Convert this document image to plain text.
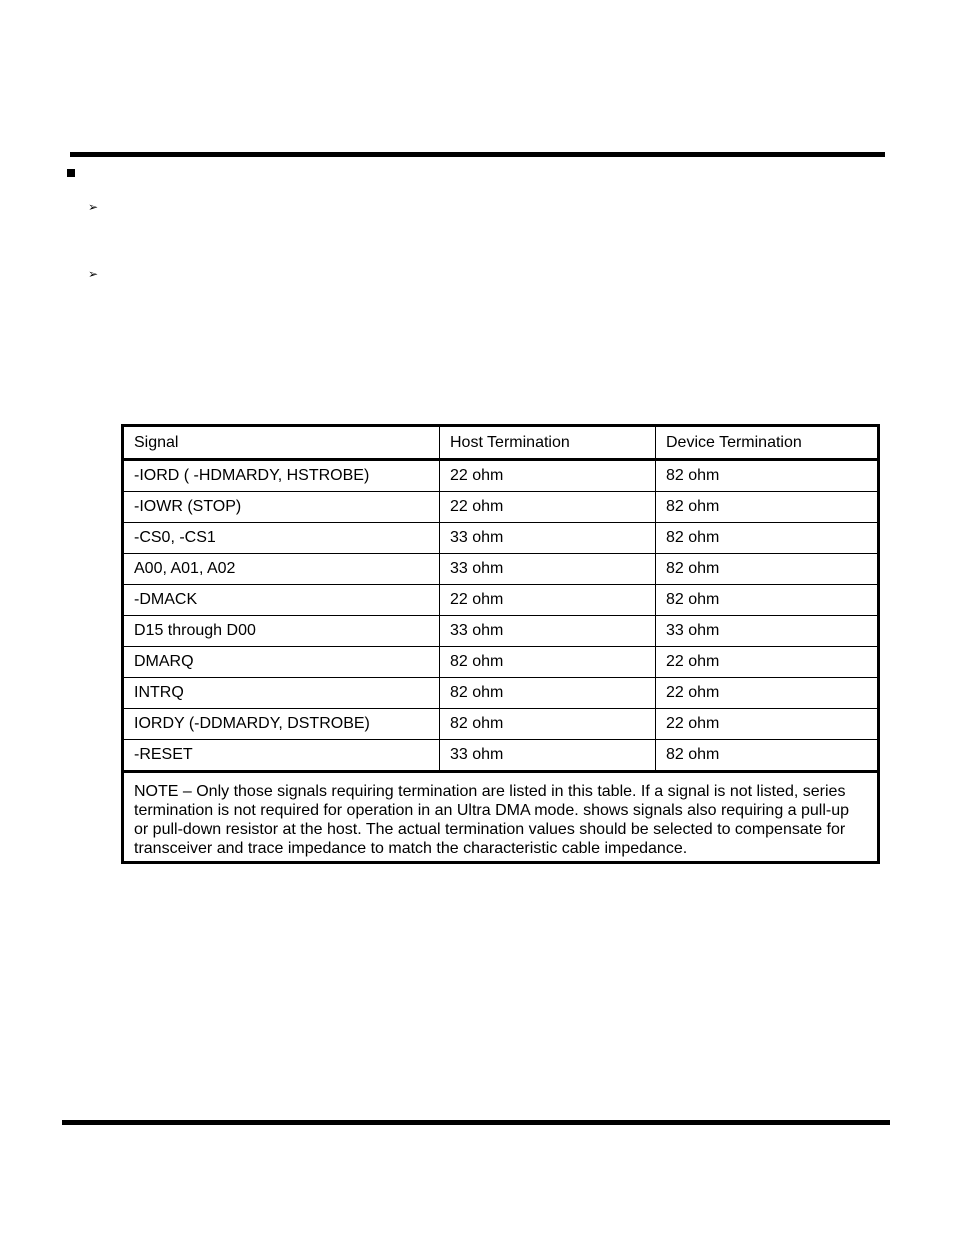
➢
➢
Signal	Host Termination	Device Termination
-IORD ( -HDMARDY, HSTROBE)	22 ohm	82 ohm
-IOWR (STOP)	22 ohm	82 ohm
-CS0, -CS1	33 ohm	82 ohm
A00, A01, A02	33 ohm	82 ohm
-DMACK	22 ohm	82 ohm
D15 through D00	33 ohm	33 ohm
DMARQ	82 ohm	22 ohm
INTRQ	82 ohm	22 ohm
IORDY (-DDMARDY, DSTROBE)	82 ohm	22 ohm
-RESET	33 ohm	82 ohm
NOTE – Only those signals requiring termination are listed in this table. If a signal is not listed, series termination is not required for operation in an Ultra DMA mode. shows signals also requiring a pull-up or pull-down resistor at the host. The actual termination values should be selected to compensate for transceiver and trace impedance to match the characteristic cable impedance.		
